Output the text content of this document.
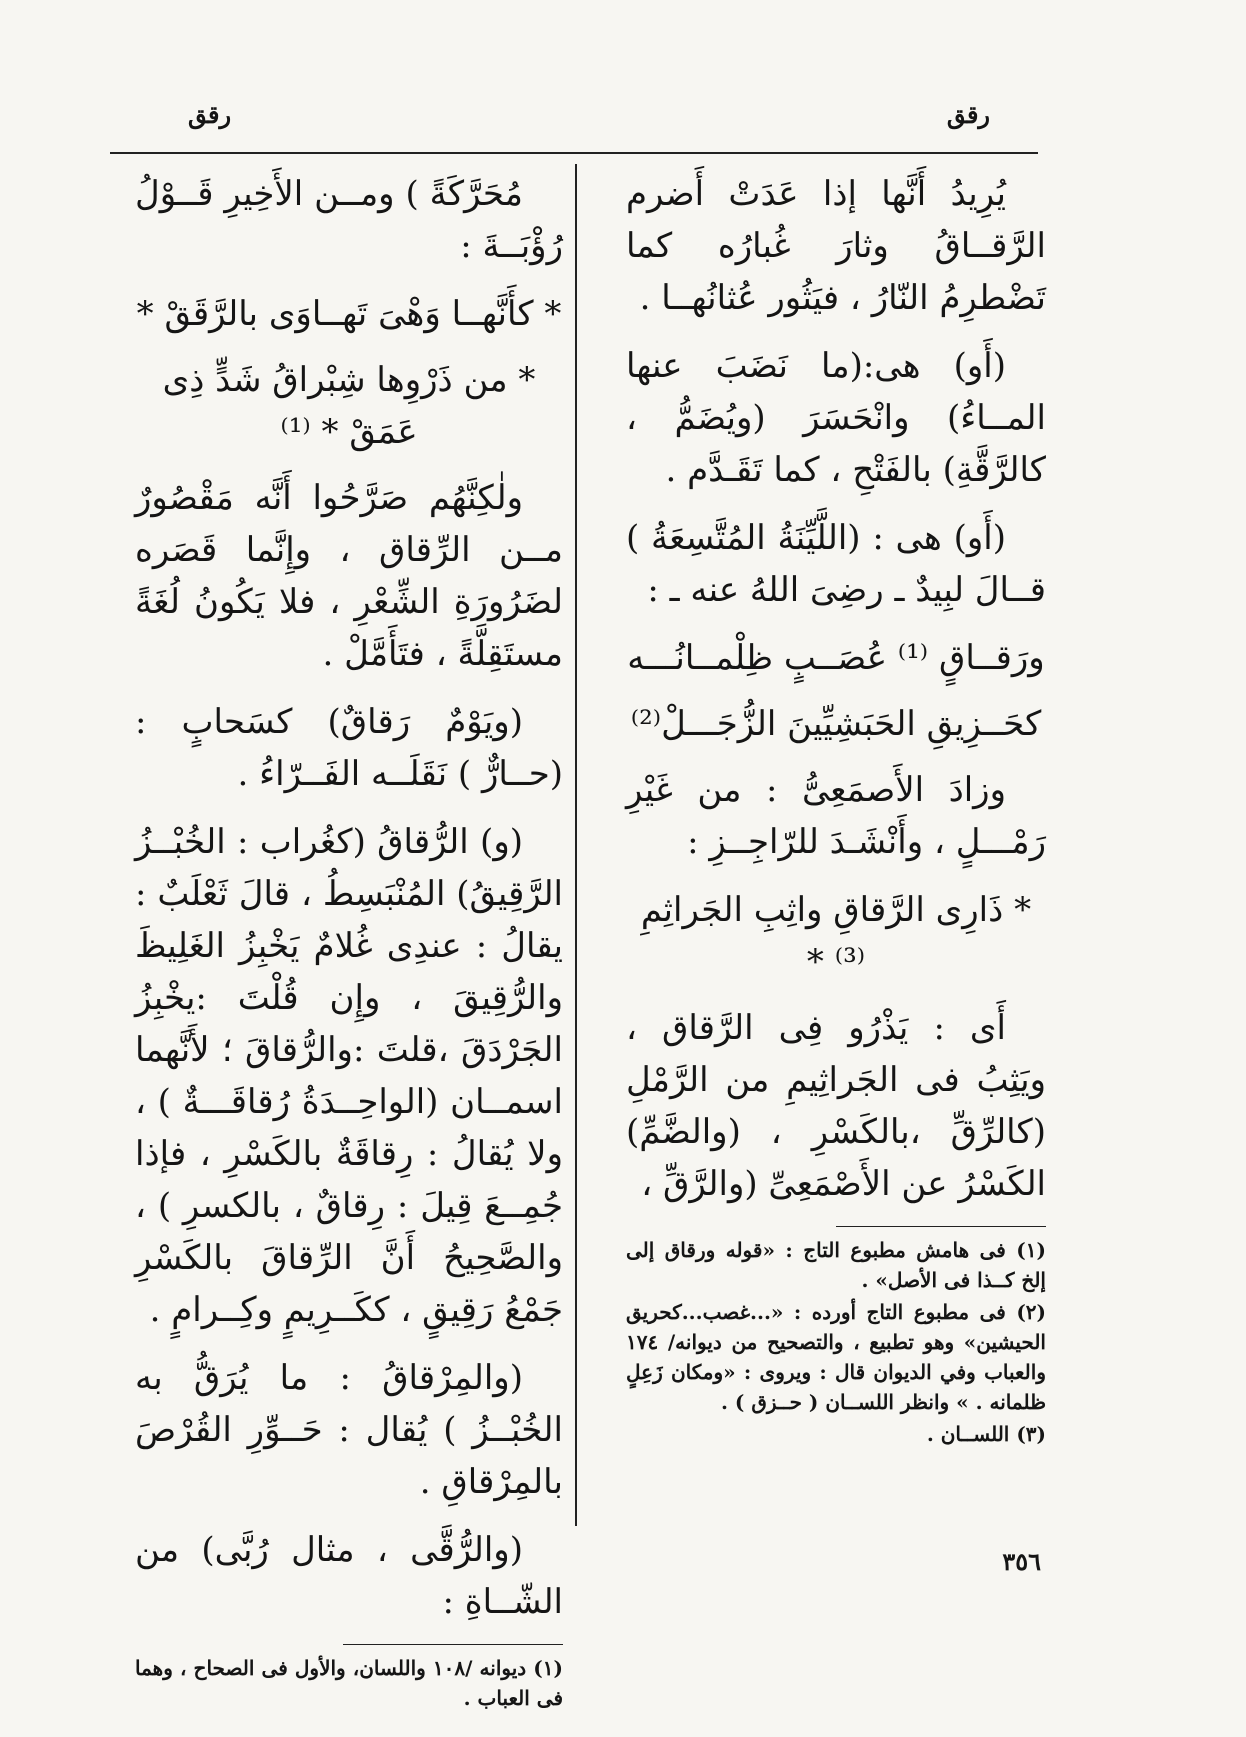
رقق
رقق

يُرِيدُ أَنَّها إذا عَدَتْ أَضرم الرَّقــاقُ وثارَ غُبارُه كما تَضْطرِمُ النّارُ ، فيَثُور عُثانُهــا .

(أَو) هى:(ما نَضَبَ عنها المــاءُ) وانْحَسَرَ (ويُضَمُّ ، كالرَّقَّةِ) بالفَتْحِ ، كما تَقَـدَّم .

(أَو) هى : (اللَّيِّنَةُ المُتَّسِعَةُ ) قــالَ لبِيدٌ ـ رضِىَ اللهُ عنه ـ :

ورَقــاقٍ ⁽¹⁾ عُصَــبٍ ظِلْمــانُـــه

كحَــزِيقِ الحَبَشِيِّينَ الزُّجَـــلْ⁽²⁾

وزادَ الأَصمَعِىُّ : من غَيْرِ رَمْـــلٍ ، وأَنْشَـدَ للرّاجِــزِ :

* ذَارِى الرَّقاقِ واثِبِ الجَراثِمِ ⁽³⁾ *

أَى : يَذْرُو فِى الرَّقاق ، ويَثِبُ فى الجَراثِيمِ من الرَّمْلِ (كالرِّقِّ ،بالكَسْرِ ، (والضَّمِّ) الكَسْرُ عن الأَصْمَعِىِّ (والرَّقِّ ،

(١) فى هامش مطبوع التاج : «قوله ورقاق إلى إلخ كــذا فى الأصل» .

(٢) فى مطبوع التاج أورده : «...غصب...كحريق الحيشين» وهو تطبيع ، والتصحيح من ديوانه/ ١٧٤ والعباب وفي الديوان قال : ويروى : «ومكان زَعِلٍ ظلمانه . » وانظر اللســان ( حــزق ) .

(٣) اللســان .

مُحَرَّكَةً ) ومــن الأَخِيرِ قَــوْلُ رُؤْبَــةَ :

* كأَنَّهــا وَهْىَ تَهــاوَى بالرَّقَقْ *

* من ذَرْوِها شِبْراقُ شَدٍّ ذِى عَمَقْ * ⁽¹⁾

ولٰكِنَّهُم صَرَّحُوا أَنَّه مَقْصُورٌ مــن الرِّقاق ، وإِنَّما قَصَره لضَرُورَةِ الشِّعْرِ ، فلا يَكُونُ لُغَةً مستَقِلَّةً ، فتَأَمَّلْ .

(ويَوْمٌ رَقاقٌ) كسَحابٍ : (حــارٌّ ) نَقَلَــه الفَــرّاءُ .

(و) الرُّقاقُ (كغُراب : الخُبْــزُ الرَّقِيقُ) المُنْبَسِطُ ، قالَ ثَعْلَبٌ : يقالُ : عندِى غُلامٌ يَخْبِزُ الغَلِيظَ والرُّقِيقَ ، وإِن قُلْتَ :يخْبِزُ الجَرْدَقَ ،قلتَ :والرُّقاقَ ؛ لأَنَّهما اسمــان (الواحِــدَةُ رُقاقَـــةٌ ) ، ولا يُقالُ : رِقاقَةٌ بالكَسْرِ ، فإذا جُمِــعَ قِيلَ : رِقاقٌ ، بالكسرِ ) ، والصَّحِيحُ أَنَّ الرِّقاقَ بالكَسْرِ جَمْعُ رَقِيقٍ ، ككَــرِيمٍ وكِــرامٍ .

(والمِرْقاقُ : ما يُرَقُّ به الخُبْــزُ ) يُقال : حَــوِّرِ القُرْصَ بالمِرْقاقِ .

(والرُّقَّى ، مثال رُبَّى) من الشّــاةِ :

(١) ديوانه /١٠٨ واللسان، والأول فى الصحاح ، وهما فى العباب .

٣٥٦
